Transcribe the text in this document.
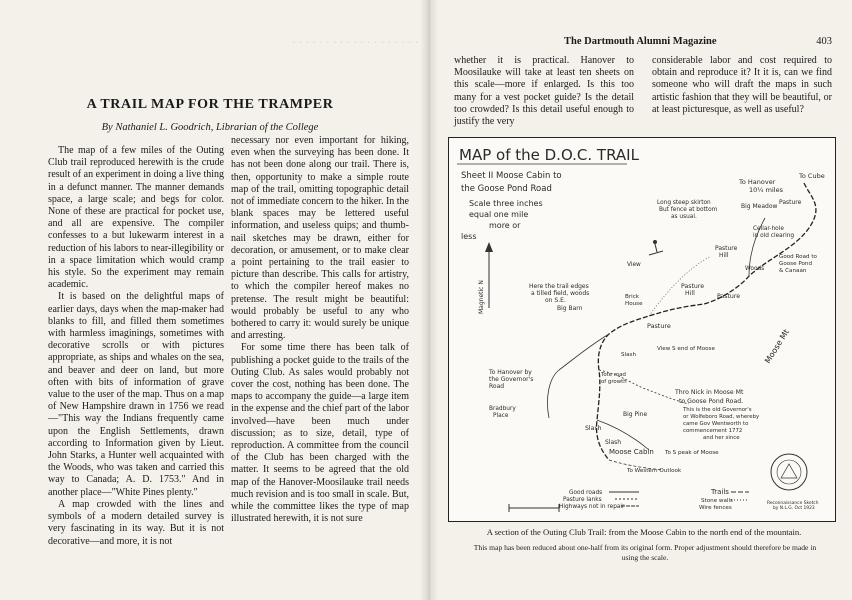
· · · · · · · · · · · · · · · · · · ·
A TRAIL MAP FOR THE TRAMPER

By Nathaniel L. Goodrich, Librarian of the College

The map of a few miles of the Outing Club trail reproduced herewith is the crude result of an experiment in doing a live thing in a defunct manner. The manner demands space, a large scale; and begs for color. None of these are practical for pocket use, and all are expensive. The compiler confesses to a but lukewarm interest in a reduction of his labors to near-illegibility or in a space limitation which would cramp his style. So the experiment may remain academic.

It is based on the delightful maps of earlier days, days when the map-maker had blanks to fill, and filled them sometimes with harmless imaginings, sometimes with decorative scrolls or with pictures appropriate, as ships and whales on the sea, and beaver and deer on land, but more often with bits of information of grave value to the user of the map. Thus on a map of New Hampshire drawn in 1756 we read—"This way the Indians frequently came upon the English Settlements, drawn according to Information given by Lieut. John Starks, a Hunter well acquainted with the Woods, who was taken and carried this way to Canada; A. D. 1753." And in another place—"White Pines plenty."

A map crowded with the lines and symbols of a modern detailed survey is very fascinating in its way. But it is not decorative—and more, it is not

necessary nor even important for hiking, even when the surveying has been done. It has not been done along our trail. There is, then, opportunity to make a simple route map of the trail, omitting topographic detail not of immediate concern to the hiker. In the blank spaces may be lettered useful information, and useless quips; and thumb-nail sketches may be drawn, either for decoration, or amusement, or to make clear a point pertaining to the trail easier to picture than describe. This calls for artistry, to which the compiler hereof makes no pretense. The result might be beautiful: would probably be useful to any who bothered to carry it: would surely be unique and arresting.

For some time there has been talk of publishing a pocket guide to the trails of the Outing Club. As sales would probably not cover the cost, nothing has been done. The maps to accompany the guide—a large item in the expense and the chief part of the labor involved—have been much under discussion; as to size, detail, type of reproduction. A committee from the council of the Club has been charged with the matter. It seems to be agreed that the old map of the Hanover-Moosilauke trail needs much revision and is too small in scale. But, while the committee likes the type of map illustrated herewith, it is not sure

The Dartmouth Alumni Magazine	403

whether it is practical. Hanover to Moosilauke will take at least ten sheets on this scale—more if enlarged. Is this too many for a vest pocket guide? Is the detail too crowded? Is this detail useful enough to justify the very

considerable labor and cost required to obtain and reproduce it? It it is, can we find someone who will draft the maps in such artistic fashion that they will be beautiful, or at least picturesque, as well as useful?

MAP of the D.O.C. TRAIL
Sheet II Moose Cabin to the Goose Pond Road
Scale three inches equal one mile more or less
Magnetic N
To Cube
To Hanover 10¼ miles
Long steep skirton But fence at bottom as usual.
Big Meadow
Pasture
Cellar-hole in old clearing
Good Road to Goose Pond & Canaan
Pasture Hill
Woods
View
Here the trail edges a tilled field, woods on S.E.
Pasture Hill	Pasture
Pasture
Big Barn
Brick House
Moose Mt
View S end of Moose
Slash
To Hanover by the Governor's Road
Tote road of growth
Bradbury Place
Slash
Big Pine
Slash
Thro Nick in Moose Mt to Goose Pond Road. This is the old Governor's or Wolfeboro Road, whereby came Gov Wentworth to commencement 1772 and her since
Moose Cabin To S peak of Moose
To Western Outlook
Good roads Pasture lanks Highways not in repair
Trails
Stone walls Wire fences
Reconnaissance Sketch by N.L.G. Oct 1923

A section of the Outing Club Trail: from the Moose Cabin to the north end of the mountain.

This map has been reduced about one-half from its original form. Proper adjustment should therefore be made in using the scale.
